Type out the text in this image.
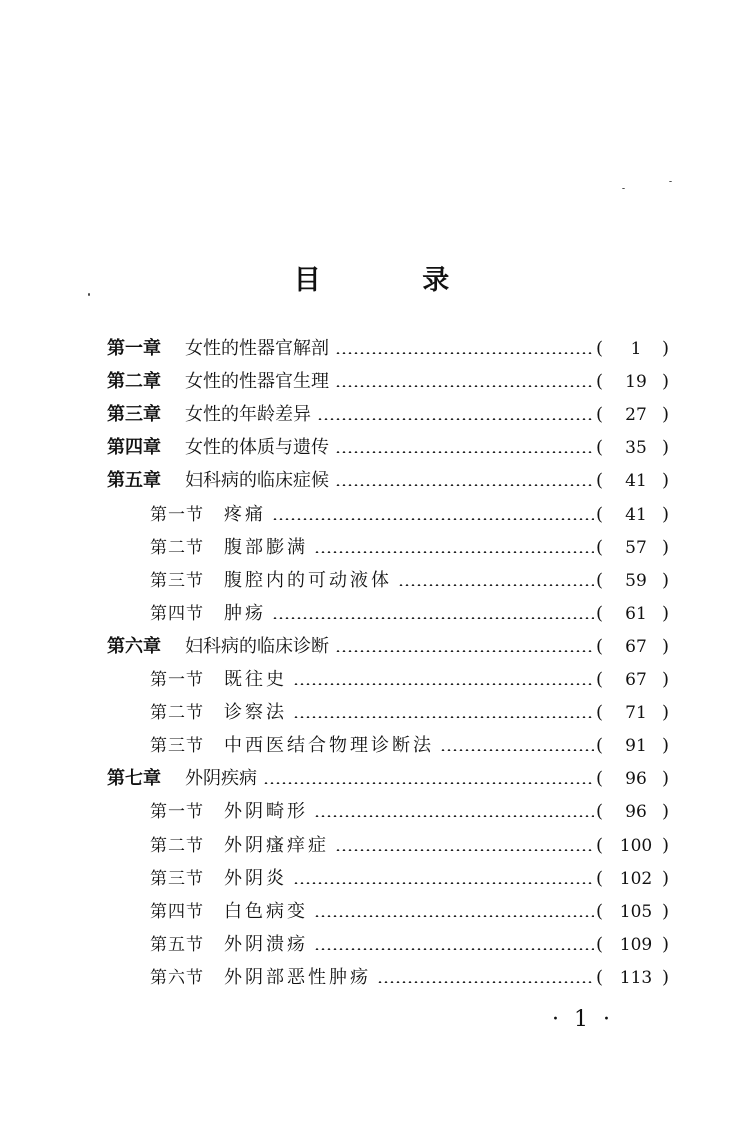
目 录
第一章 女性的性器官解剖	(	1	)
第二章 女性的性器官生理	(	19 )
第三章 女性的年龄差异	(	27 )
第四章 女性的体质与遗传	(	35 )
第五章 妇科病的临床症候	(	41 )
第一节 疼痛	(	41 )
第二节 腹部膨满	(	57 )
第三节 腹腔内的可动液体	(	59 )
第四节 肿疡	(	61 )
第六章 妇科病的临床诊断	(	67 )
第一节 既往史	(	67 )
第二节 诊察法	(	71 )
第三节 中西医结合物理诊断法	(	91 )
第七章 外阴疾病	(	96 )
第一节 外阴畸形	(	96 )
第二节 外阴瘙痒症	( 100 )
第三节 外阴炎	( 102 )
第四节 白色病变	( 105 )
第五节 外阴溃疡	( 109 )
第六节 外阴部恶性肿疡	( 113 )
· 1 ·
